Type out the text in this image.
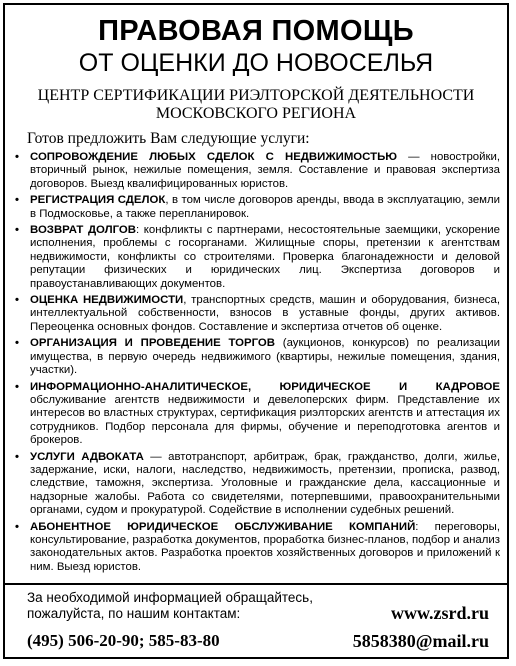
ПРАВОВАЯ ПОМОЩЬ
ОТ ОЦЕНКИ ДО НОВОСЕЛЬЯ
ЦЕНТР СЕРТИФИКАЦИИ РИЭЛТОРСКОЙ ДЕЯТЕЛЬНОСТИ
МОСКОВСКОГО РЕГИОНА
Готов предложить Вам следующие услуги:
• СОПРОВОЖДЕНИЕ ЛЮБЫХ СДЕЛОК С НЕДВИЖИМОСТЬЮ — новостройки, вторичный рынок, нежилые помещения, земля. Составление и правовая экспертиза договоров. Выезд квалифицированных юристов.
• РЕГИСТРАЦИЯ СДЕЛОК, в том числе договоров аренды, ввода в эксплуатацию, земли в Подмосковье, а также перепланировок.
• ВОЗВРАТ ДОЛГОВ: конфликты с партнерами, несостоятельные заемщики, ускорение исполнения, проблемы с госорганами. Жилищные споры, претензии к агентствам недвижимости, конфликты со строителями. Проверка благонадежности и деловой репутации физических и юридических лиц. Экспертиза договоров и правоустанавливающих документов.
• ОЦЕНКА НЕДВИЖИМОСТИ, транспортных средств, машин и оборудования, бизнеса, интеллектуальной собственности, взносов в уставные фонды, других активов. Переоценка основных фондов. Составление и экспертиза отчетов об оценке.
• ОРГАНИЗАЦИЯ И ПРОВЕДЕНИЕ ТОРГОВ (аукционов, конкурсов) по реализации имущества, в первую очередь недвижимого (квартиры, нежилые помещения, здания, участки).
• ИНФОРМАЦИОННО-АНАЛИТИЧЕСКОЕ, ЮРИДИЧЕСКОЕ И КАДРОВОЕ обслуживание агентств недвижимости и девелоперских фирм. Представление их интересов во властных структурах, сертификация риэлторских агентств и аттестация их сотрудников. Подбор персонала для фирмы, обучение и переподготовка агентов и брокеров.
• УСЛУГИ АДВОКАТА — автотранспорт, арбитраж, брак, гражданство, долги, жилье, задержание, иски, налоги, наследство, недвижимость, претензии, прописка, развод, следствие, таможня, экспертиза. Уголовные и гражданские дела, кассационные и надзорные жалобы. Работа со свидетелями, потерпевшими, правоохранительными органами, судом и прокуратурой. Содействие в исполнении судебных решений.
• АБОНЕНТНОЕ ЮРИДИЧЕСКОЕ ОБСЛУЖИВАНИЕ КОМПАНИЙ: переговоры, консультирование, разработка документов, проработка бизнес-планов, подбор и анализ законодательных актов. Разработка проектов хозяйственных договоров и приложений к ним. Выезд юристов.
За необходимой информацией обращайтесь,
пожалуйста, по нашим контактам:
(495) 506-20-90; 585-83-80
www.zsrd.ru
5858380@mail.ru
